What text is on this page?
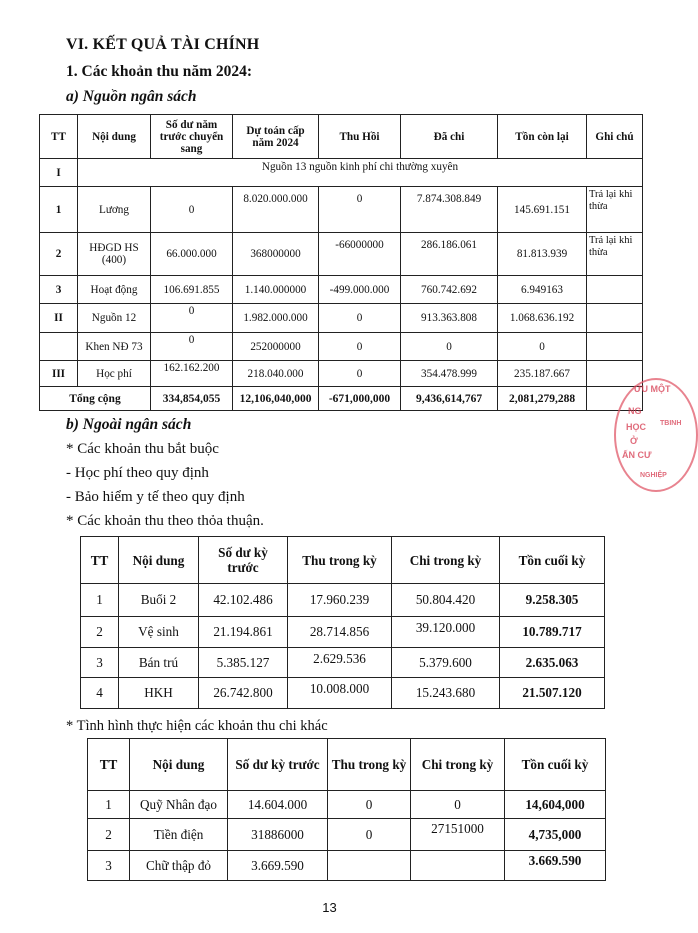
VI. KẾT QUẢ TÀI CHÍNH

1. Các khoản thu năm 2024:

a) Nguồn ngân sách

TT	Nội dung	Số dư năm trước chuyển sang	Dự toán cấp năm 2024	Thu Hồi	Đã chi	Tồn còn lại	Ghi chú
I	Nguồn 13 nguồn kinh phí chi thường xuyên						
1	Lương	0	8.020.000.000	0	7.874.308.849	145.691.151	Trả lại khi thừa
2	HĐGD HS (400)	66.000.000	368000000	-66000000	286.186.061	81.813.939	Trả lại khi thừa
3	Hoạt động	106.691.855	1.140.000000	-499.000.000	760.742.692	6.949163	
II	Nguồn 12	0	1.982.000.000	0	913.363.808	1.068.636.192	
	Khen NĐ 73	0	252000000	0	0	0	
III	Học phí	162.162.200	218.040.000	0	354.478.999	235.187.667	
Tổng cộng		334,854,055	12,106,040,000	-671,000,000	9,436,614,767	2,081,279,288	
ƯU MỘT
NG
HỌC
Ở
ẤN CƯ
TBINH
NGHIỆP

b) Ngoài ngân sách

* Các khoản thu bắt buộc
- Học phí theo quy định
- Bảo hiểm y tế theo quy định
* Các khoản thu theo thỏa thuận.
TT	Nội dung	Số dư kỳ trước	Thu trong kỳ	Chi trong kỳ	Tồn cuối kỳ
1	Buổi 2	42.102.486	17.960.239	50.804.420	9.258.305
2	Vệ sinh	21.194.861	28.714.856	39.120.000	10.789.717
3	Bán trú	5.385.127	2.629.536	5.379.600	2.635.063
4	HKH	26.742.800	10.008.000	15.243.680	21.507.120
* Tình hình thực hiện các khoản thu chi khác
TT	Nội dung	Số dư kỳ trước	Thu trong kỳ	Chi trong kỳ	Tồn cuối kỳ
1	Quỹ Nhân đạo	14.604.000	0	0	14,604,000
2	Tiền điện	31886000	0	27151000	4,735,000
3	Chữ thập đỏ	3.669.590			3.669.590
13
